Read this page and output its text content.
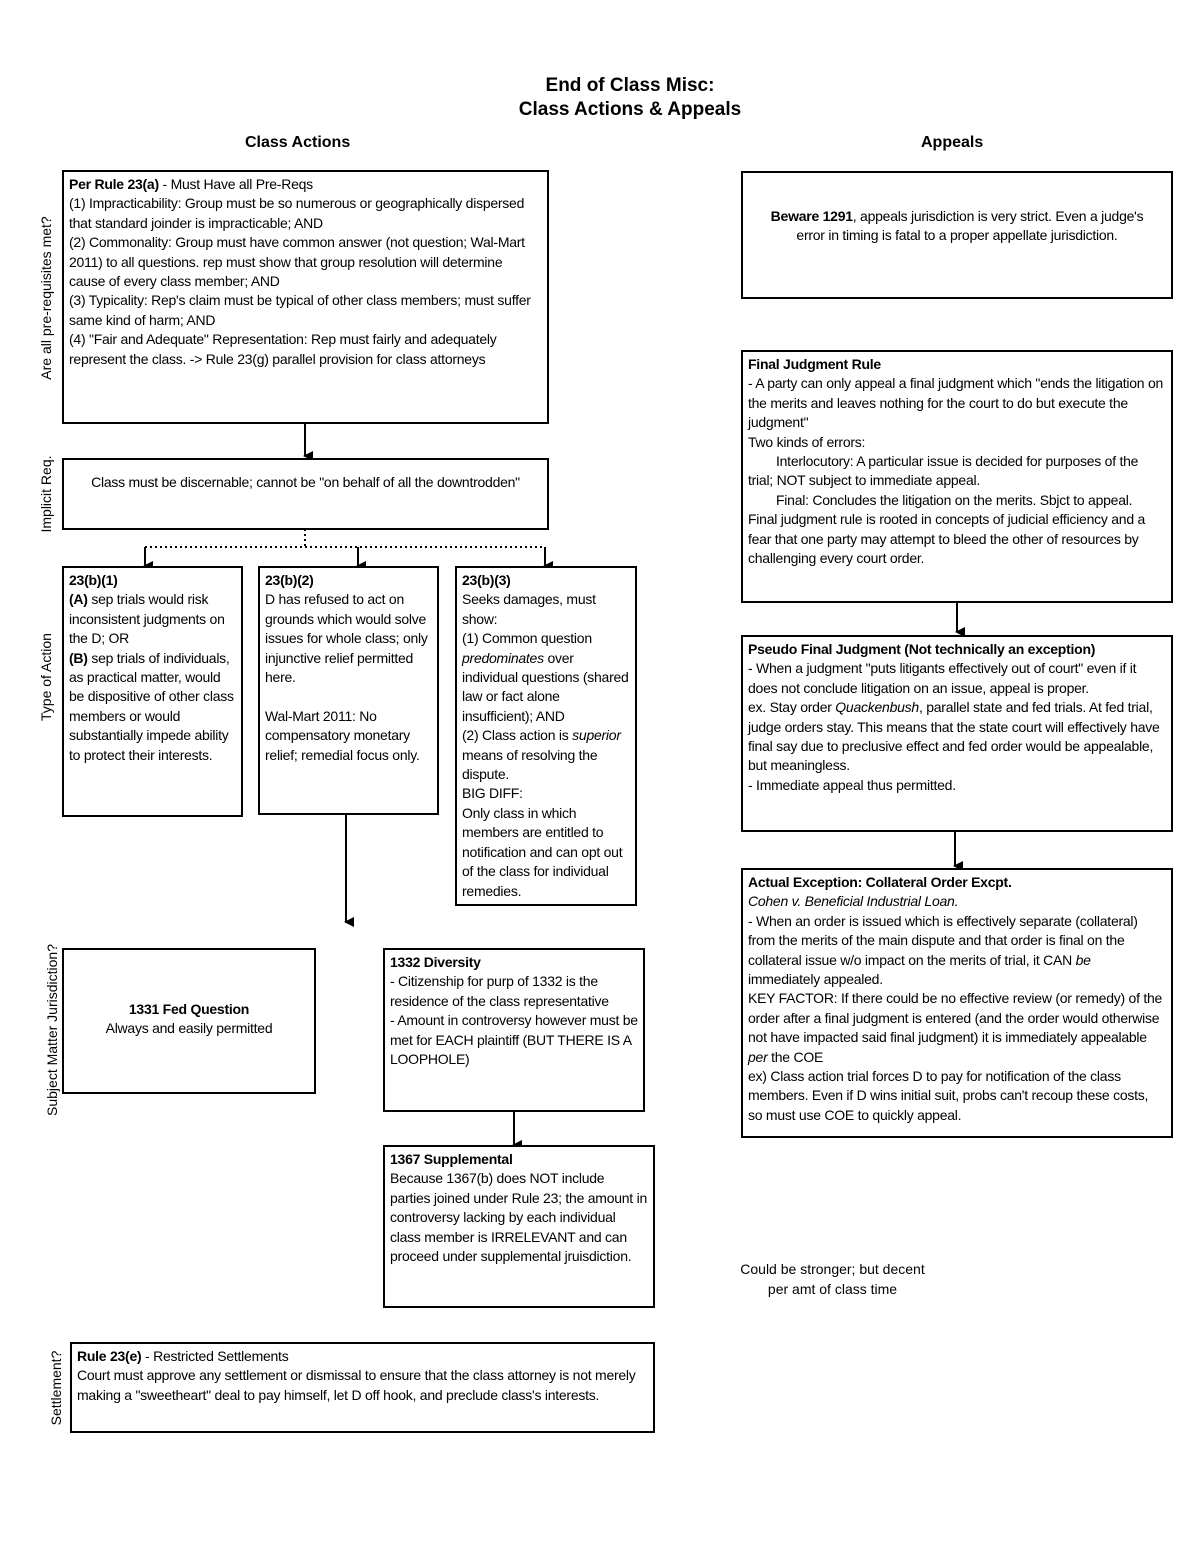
End of Class Misc:
Class Actions & Appeals
Class Actions	Appeals
Are all pre-requisites met?
Implicit Req.
Type of Action
Subject Matter Jurisdiction?
Settlement?

Per Rule 23(a) - Must Have all Pre-Reqs

(1) Impracticability: Group must be so numerous or geographically dispersed that standard joinder is impracticable; AND

(2) Commonality: Group must have common answer (not question; Wal-Mart 2011) to all questions. rep must show that group resolution will determine cause of every class member; AND

(3) Typicality: Rep's claim must be typical of other class members; must suffer same kind of harm; AND

(4) "Fair and Adequate" Representation: Rep must fairly and adequately represent the class. -> Rule 23(g) parallel provision for class attorneys

Class must be discernable; cannot be "on behalf of all the downtrodden"

23(b)(1)

(A) sep trials would risk inconsistent judgments on the D; OR

(B) sep trials of individuals, as practical matter, would be dispositive of other class members or would substantially impede ability to protect their interests.

23(b)(2)

D has refused to act on grounds which would solve issues for whole class; only injunctive relief permitted here.

Wal-Mart 2011: No compensatory monetary relief; remedial focus only.

23(b)(3)

Seeks damages, must show:

(1) Common question predominates over individual questions (shared law or fact alone insufficient); AND

(2) Class action is superior means of resolving the dispute.

BIG DIFF:

Only class in which members are entitled to notification and can opt out of the class for individual remedies.

1331 Fed Question

Always and easily permitted

1332 Diversity

- Citizenship for purp of 1332 is the residence of the class representative

- Amount in controversy however must be met for EACH plaintiff (BUT THERE IS A LOOPHOLE)

1367 Supplemental

Because 1367(b) does NOT include parties joined under Rule 23; the amount in controversy lacking by each individual class member is IRRELEVANT and can proceed under supplemental jruisdiction.

Rule 23(e) - Restricted Settlements

Court must approve any settlement or dismissal to ensure that the class attorney is not merely making a "sweetheart" deal to pay himself, let D off hook, and preclude class's interests.

Beware 1291, appeals jurisdiction is very strict. Even a judge's error in timing is fatal to a proper appellate jurisdiction.

Final Judgment Rule

- A party can only appeal a final judgment which "ends the litigation on the merits and leaves nothing for the court to do but execute the judgment"

Two kinds of errors:

Interlocutory: A particular issue is decided for purposes of the trial; NOT subject to immediate appeal.

Final: Concludes the litigation on the merits. Sbjct to appeal.

Final judgment rule is rooted in concepts of judicial efficiency and a fear that one party may attempt to bleed the other of resources by challenging every court order.

Pseudo Final Judgment (Not technically an exception)

- When a judgment "puts litigants effectively out of court" even if it does not conclude litigation on an issue, appeal is proper.

ex. Stay order Quackenbush, parallel state and fed trials. At fed trial, judge orders stay. This means that the state court will effectively have final say due to preclusive effect and fed order would be appealable, but meaningless.

- Immediate appeal thus permitted.

Actual Exception: Collateral Order Excpt.

Cohen v. Beneficial Industrial Loan.

- When an order is issued which is effectively separate (collateral) from the merits of the main dispute and that order is final on the collateral issue w/o impact on the merits of trial, it CAN be immediately appealed.

KEY FACTOR: If there could be no effective review (or remedy) of the order after a final judgment is entered (and the order would otherwise not have impacted said final judgment) it is immediately appealable per the COE

ex) Class action trial forces D to pay for notification of the class members. Even if D wins initial suit, probs can't recoup these costs, so must use COE to quickly appeal.

Could be stronger; but decent
per amt of class time
